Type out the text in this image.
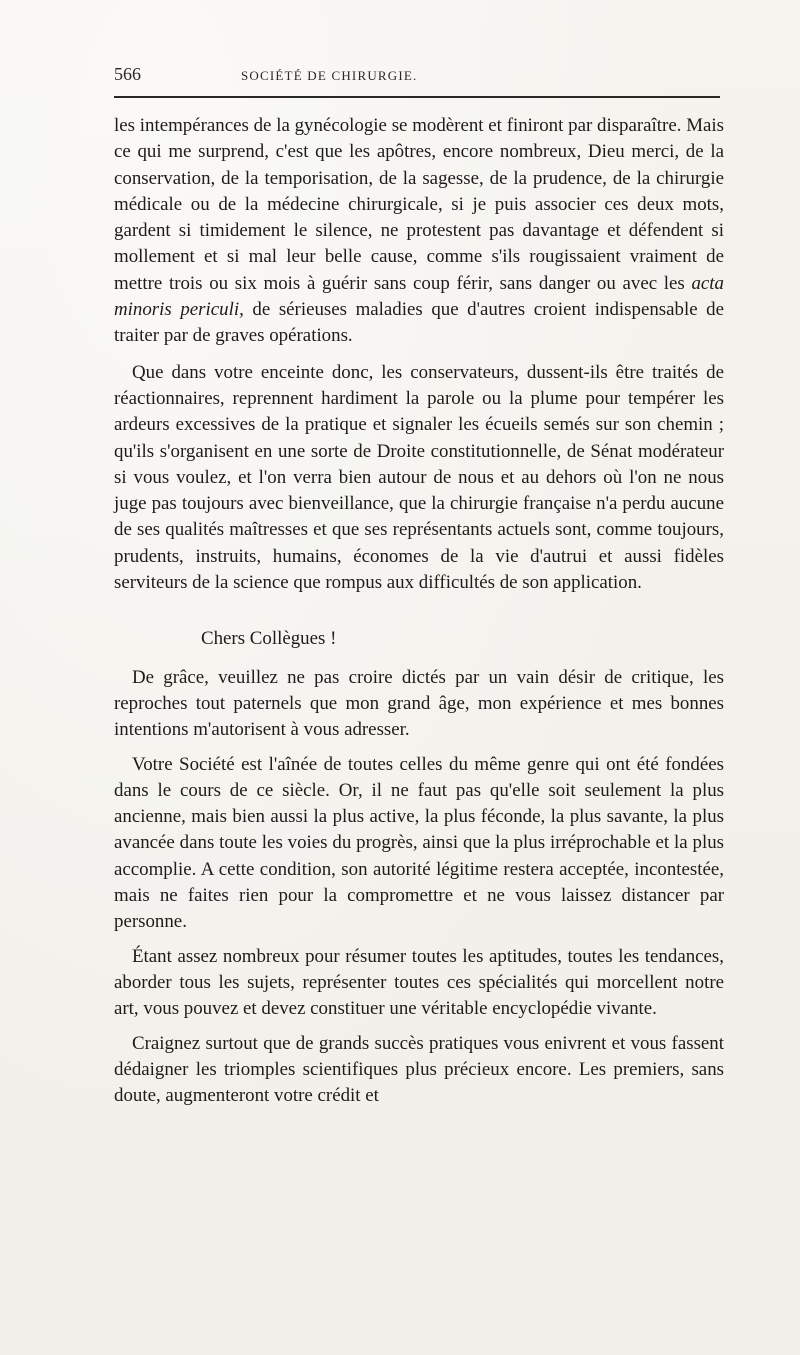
566	SOCIÉTÉ DE CHIRURGIE.

les intempérances de la gynécologie se modèrent et finiront par disparaître. Mais ce qui me surprend, c'est que les apôtres, encore nombreux, Dieu merci, de la conservation, de la temporisation, de la sagesse, de la prudence, de la chirurgie médicale ou de la médecine chirurgicale, si je puis associer ces deux mots, gardent si timidement le silence, ne protestent pas davantage et défendent si mollement et si mal leur belle cause, comme s'ils rougissaient vraiment de mettre trois ou six mois à guérir sans coup férir, sans danger ou avec les acta minoris periculi, de sérieuses maladies que d'autres croient indispensable de traiter par de graves opérations.

Que dans votre enceinte donc, les conservateurs, dussent-ils être traités de réactionnaires, reprennent hardiment la parole ou la plume pour tempérer les ardeurs excessives de la pratique et signaler les écueils semés sur son chemin ; qu'ils s'organisent en une sorte de Droite constitutionnelle, de Sénat modérateur si vous voulez, et l'on verra bien autour de nous et au dehors où l'on ne nous juge pas toujours avec bienveillance, que la chirurgie française n'a perdu aucune de ses qualités maîtresses et que ses représentants actuels sont, comme toujours, prudents, instruits, humains, économes de la vie d'autrui et aussi fidèles serviteurs de la science que rompus aux difficultés de son application.

Chers Collègues !

De grâce, veuillez ne pas croire dictés par un vain désir de critique, les reproches tout paternels que mon grand âge, mon expérience et mes bonnes intentions m'autorisent à vous adresser.

Votre Société est l'aînée de toutes celles du même genre qui ont été fondées dans le cours de ce siècle. Or, il ne faut pas qu'elle soit seulement la plus ancienne, mais bien aussi la plus active, la plus féconde, la plus savante, la plus avancée dans toute les voies du progrès, ainsi que la plus irréprochable et la plus accomplie. A cette condition, son autorité légitime restera acceptée, incontestée, mais ne faites rien pour la compromettre et ne vous laissez distancer par personne.

Étant assez nombreux pour résumer toutes les aptitudes, toutes les tendances, aborder tous les sujets, représenter toutes ces spécialités qui morcellent notre art, vous pouvez et devez constituer une véritable encyclopédie vivante.

Craignez surtout que de grands succès pratiques vous enivrent et vous fassent dédaigner les triomples scientifiques plus précieux encore. Les premiers, sans doute, augmenteront votre crédit et
